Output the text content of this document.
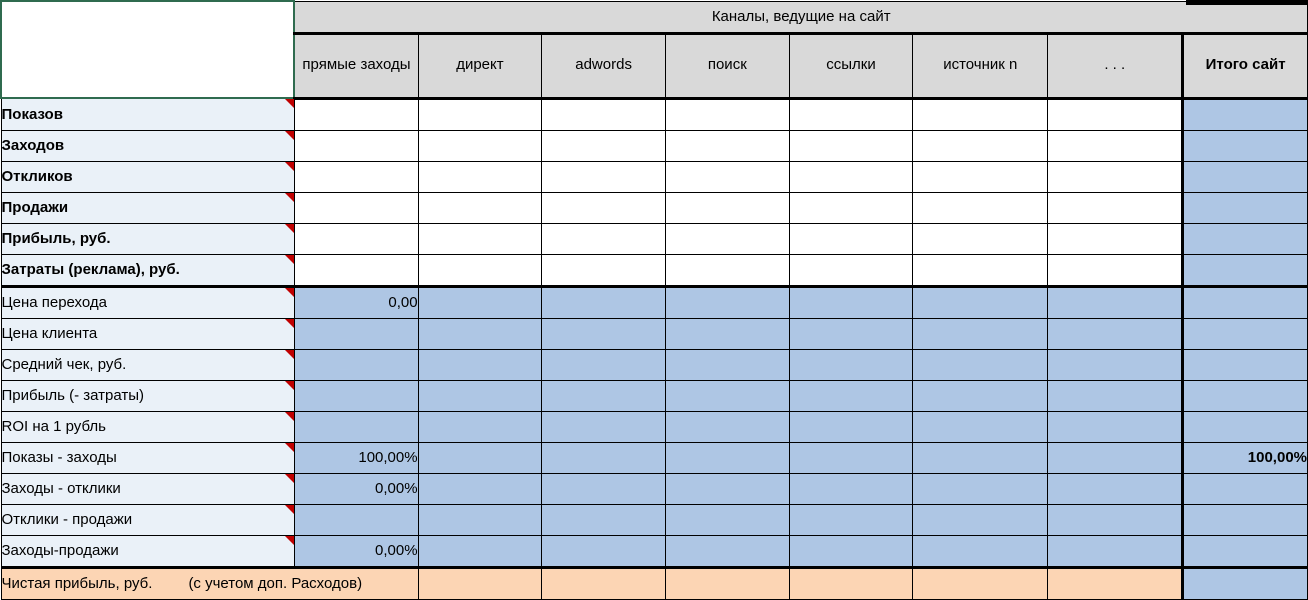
	Каналы, ведущие на сайт							
	прямые заходы	директ	adwords	поиск	ссылки	источник n	. . .	Итого сайт
Показов

Заходов

Откликов

Продажи

Прибыль, руб.

Затраты (реклама), руб.

Цена перехода	0,00							
Цена клиента

Средний чек, руб.

Прибыль (- затраты)

ROI на 1 рубль

Показы - заходы	100,00%							100,00%
Заходы - отклики	0,00%							
Отклики - продажи

Заходы-продажи	0,00%							

Чистая прибыль, руб. (с учетом доп. Расходов)								
